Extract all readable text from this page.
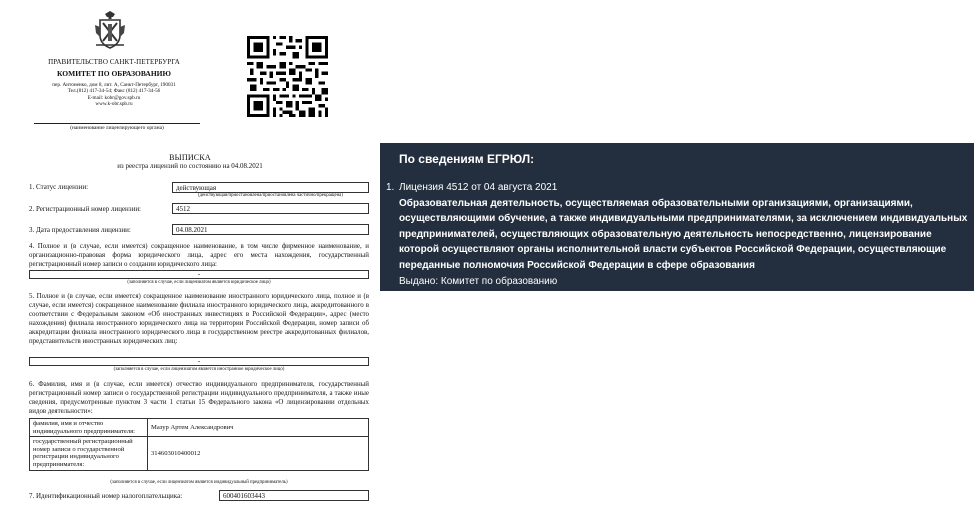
ПРАВИТЕЛЬСТВО САНКТ-ПЕТЕРБУРГА
КОМИТЕТ ПО ОБРАЗОВАНИЮ
пер. Антоненко, дом 8, лит. А, Санкт-Петербург, 190031
Тел.(812) 417-34-54; Факс (812) 417-34-56
E-mail: kobr@gov.spb.ru
www.k-obr.spb.ru
(наименование лицензирующего органа)
ВЫПИСКА
из реестра лицензий по состоянию на 04.08.2021
1. Статус лицензии:	действующая
(действующая/приостановлена/приостановлена частично/прекращена)
2. Регистрационный номер лицензии:	4512
3. Дата предоставления лицензии:	04.08.2021
4. Полное и (в случае, если имеется) сокращенное наименование, в том числе фирменное наименование, и организационно-правовая форма юридического лица, адрес его места нахождения, государственный регистрационный номер записи о создании юридического лица:
-
(заполняется в случае, если лицензиатом является юридическое лицо)
5. Полное и (в случае, если имеется) сокращенное наименование иностранного юридического лица, полное и (в случае, если имеется) сокращенное наименование филиала иностранного юридического лица, аккредитованного в соответствии с Федеральным законом «Об иностранных инвестициях в Российской Федерации», адрес (место нахождения) филиала иностранного юридического лица на территории Российской Федерации, номер записи об аккредитации филиала иностранного юридического лица в государственном реестре аккредитованных филиалов, представительств иностранных юридических лиц:
-
(заполняется в случае, если лицензиатом является иностранное юридическое лицо)
6. Фамилия, имя и (в случае, если имеется) отчество индивидуального предпринимателя, государственный регистрационный номер записи о государственной регистрации индивидуального предпринимателя, а также иные сведения, предусмотренные пунктом 3 части 1 статьи 15 Федерального закона «О лицензировании отдельных видов деятельности»:
фамилия, имя и отчество индивидуального предпринимателя:	Мазур Артем Александрович
государственный регистрационный номер записи о государственной регистрации индивидуального предпринимателя:	314603010400012
(заполняется в случае, если лицензиатом является индивидуальный предприниматель)
7. Идентификационный номер налогоплательщика:	600401603443
По сведениям ЕГРЮЛ:
1. Лицензия 4512 от 04 августа 2021
Образовательная деятельность, осуществляемая образовательными организациями, организациями, осуществляющими обучение, а также индивидуальными предпринимателями, за исключением индивидуальных предпринимателей, осуществляющих образовательную деятельность непосредственно, лицензирование которой осуществляют органы исполнительной власти субъектов Российской Федерации, осуществляющие переданные полномочия Российской Федерации в сфере образования
Выдано: Комитет по образованию
